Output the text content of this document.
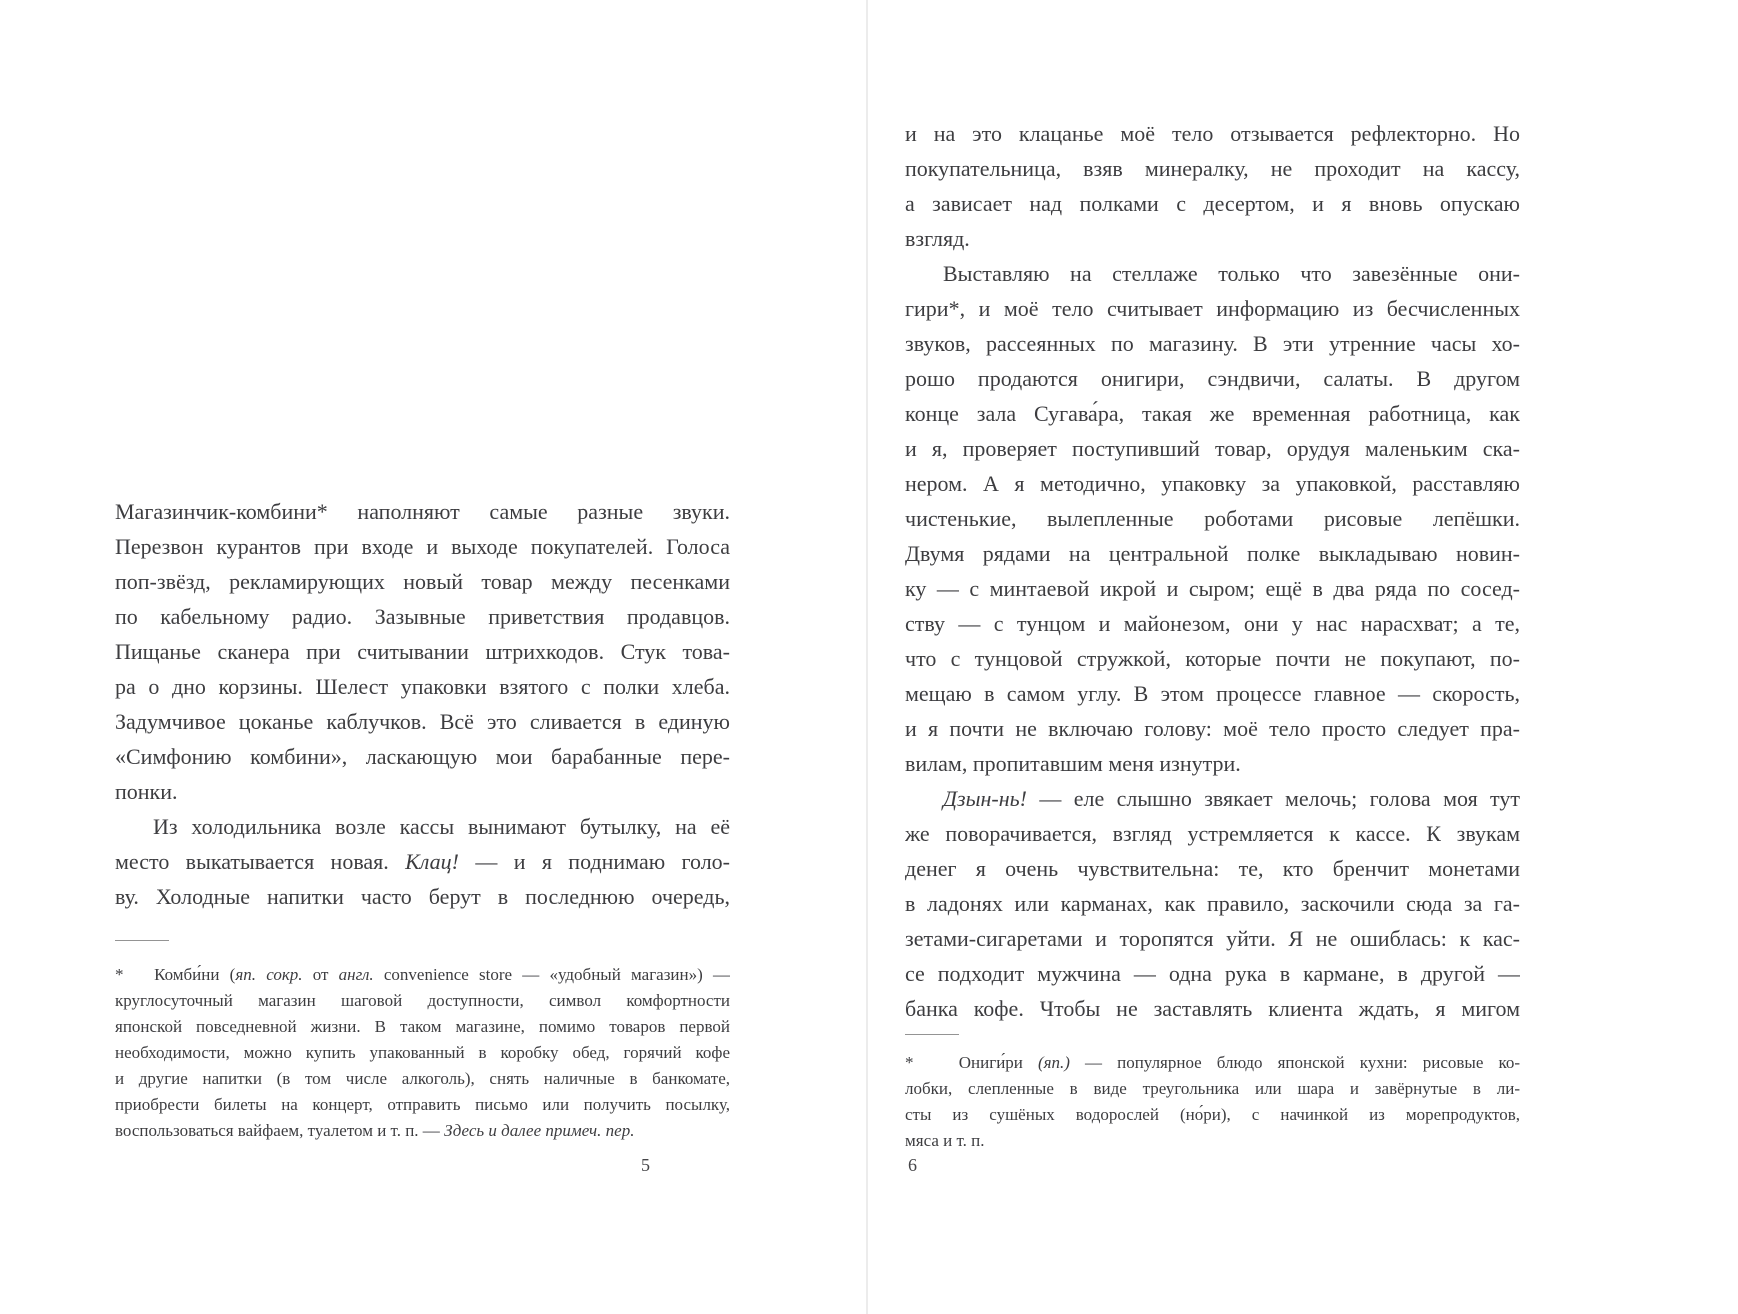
Магазинчик-комбини* наполняют самые разные звуки.
Перезвон курантов при входе и выходе покупателей. Голоса
поп-звёзд, рекламирующих новый товар между песенками
по кабельному радио. Зазывные приветствия продавцов.
Пищанье сканера при считывании штрихкодов. Стук това-
ра о дно корзины. Шелест упаковки взятого с полки хлеба.
Задумчивое цоканье каблучков. Всё это сливается в единую
«Симфонию комбини», ласкающую мои барабанные пере-
понки.
Из холодильника возле кассы вынимают бутылку, на её
место выкатывается новая. Клац! — и я поднимаю голо-
ву. Холодные напитки часто берут в последнюю очередь,
*   Комби́ни (яп. сокр. от англ. convenience store — «удобный магазин») —
круглосуточный магазин шаговой доступности, символ комфортности
японской повседневной жизни. В таком магазине, помимо товаров первой
необходимости, можно купить упакованный в коробку обед, горячий кофе
и другие напитки (в том числе алкоголь), снять наличные в банкомате,
приобрести билеты на концерт, отправить письмо или получить посылку,
воспользоваться вайфаем, туалетом и т. п. — Здесь и далее примеч. пер.
5
и на это клацанье моё тело отзывается рефлекторно. Но
покупательница, взяв минералку, не проходит на кассу,
а зависает над полками с десертом, и я вновь опускаю
взгляд.
Выставляю на стеллаже только что завезённые они-
гири*, и моё тело считывает информацию из бесчисленных
звуков, рассеянных по магазину. В эти утренние часы хо-
рошо продаются онигири, сэндвичи, салаты. В другом
конце зала Сугава́ра, такая же временная работница, как
и я, проверяет поступивший товар, орудуя маленьким ска-
нером. А я методично, упаковку за упаковкой, расставляю
чистенькие, вылепленные роботами рисовые лепёшки.
Двумя рядами на центральной полке выкладываю новин-
ку — с минтаевой икрой и сыром; ещё в два ряда по сосед-
ству — с тунцом и майонезом, они у нас нарасхват; а те,
что с тунцовой стружкой, которые почти не покупают, по-
мещаю в самом углу. В этом процессе главное — скорость,
и я почти не включаю голову: моё тело просто следует пра-
вилам, пропитавшим меня изнутри.
Дзын-нь! — еле слышно звякает мелочь; голова моя тут
же поворачивается, взгляд устремляется к кассе. К звукам
денег я очень чувствительна: те, кто бренчит монетами
в ладонях или карманах, как правило, заскочили сюда за га-
зетами-сигаретами и торопятся уйти. Я не ошиблась: к кас-
се подходит мужчина — одна рука в кармане, в другой —
банка кофе. Чтобы не заставлять клиента ждать, я мигом
*   Ониги́ри (яп.) — популярное блюдо японской кухни: рисовые ко-
лобки, слепленные в виде треугольника или шара и завёрнутые в ли-
сты из сушёных водорослей (но́ри), с начинкой из морепродуктов,
мяса и т. п.
6
